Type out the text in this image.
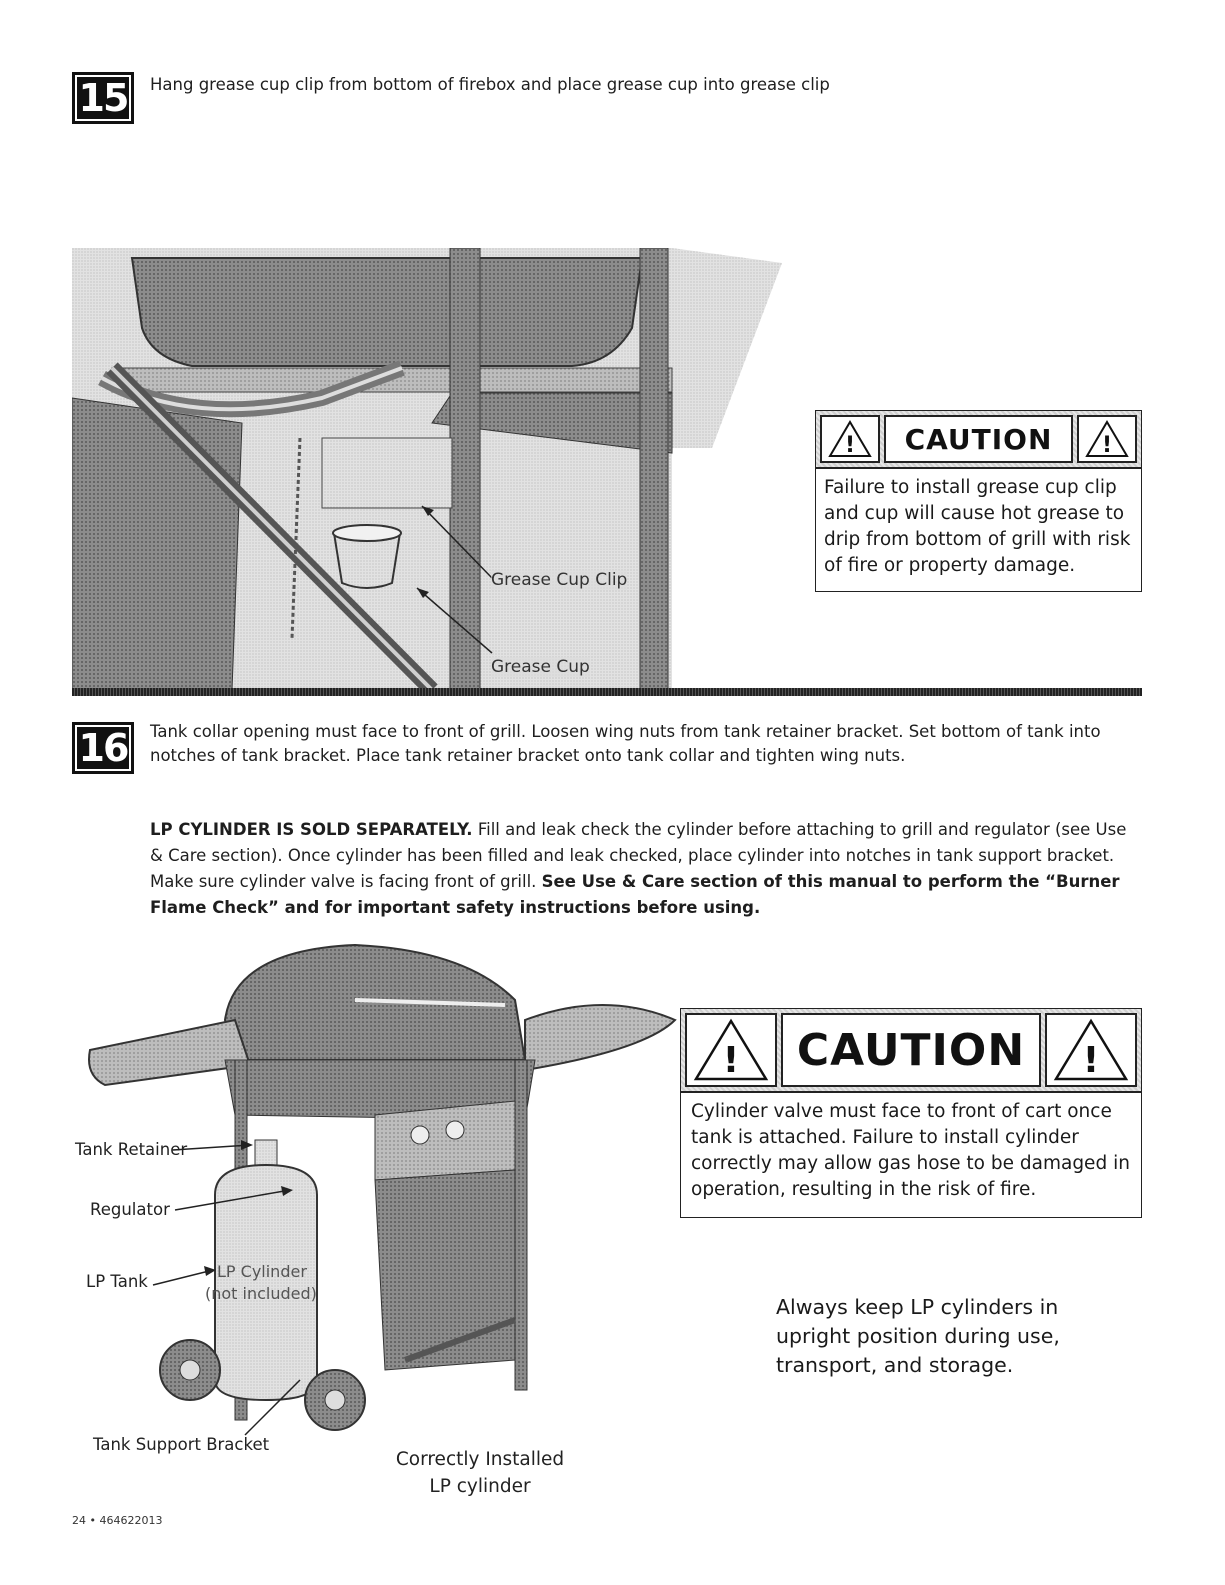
15 Hang grease cup clip from bottom of firebox and place grease cup into grease clip
Grease Cup Clip
Grease Cup
!	CAUTION	!
Failure to install grease cup clip and cup will cause hot grease to drip from bottom of grill with risk of fire or property damage.
16 Tank collar opening must face to front of grill. Loosen wing nuts from tank retainer bracket. Set bottom of tank into notches of tank bracket. Place tank retainer bracket onto tank collar and tighten wing nuts.
LP CYLINDER IS SOLD SEPARATELY. Fill and leak check the cylinder before attaching to grill and regulator (see Use & Care section). Once cylinder has been filled and leak checked, place cylinder into notches in tank support bracket. Make sure cylinder valve is facing front of grill. See Use & Care section of this manual to perform the “Burner Flame Check” and for important safety instructions before using.
Tank Retainer
Regulator
LP Tank
LP Cylinder
(not included)
Tank Support Bracket
Correctly Installed
LP cylinder
!	CAUTION	!
Cylinder valve must face to front of cart once tank is attached. Failure to install cylinder correctly may allow gas hose to be damaged in operation, resulting in the risk of fire.
Always keep LP cylinders in upright position during use, transport, and storage.
24 • 464622013
